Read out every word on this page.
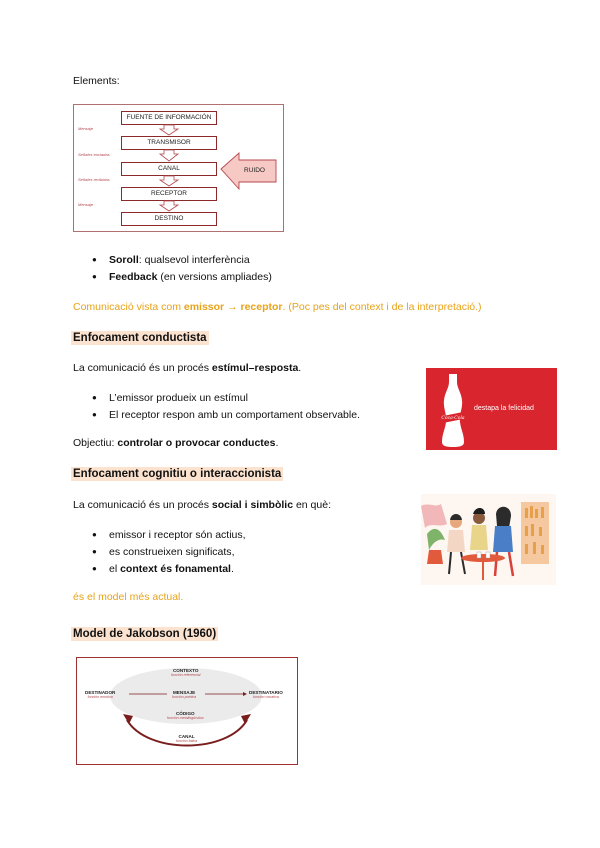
Elements:
FUENTE DE INFORMACIÓN
TRANSMISOR
CANAL
RECEPTOR
DESTINO
RUIDO
Mensaje
Señales enviadas
Señales recibidas
Mensaje
● Soroll: qualsevol interferència
● Feedback (en versions ampliades)
Comunicació vista com emissor → receptor. (Poc pes del context i de la interpretació.)
Enfocament conductista
La comunicació és un procés estímul–resposta.
● L’emissor produeix un estímul
● El receptor respon amb un comportament observable.
Objectiu: controlar o provocar conductes.
Coca-Cola
destapa la felicidad
Enfocament cognitiu o interaccionista
La comunicació és un procés social i simbòlic en què:
● emissor i receptor són actius,
● es construeixen significats,
● el context és fonamental.
és el model més actual.
Model de Jakobson (1960)
CONTEXTO
función referencial
DESTINADOR
función emotiva
MENSAJE
función poética
DESTINATARIO
función conativa
CÓDIGO
función metalingüística
CANAL
función fática
